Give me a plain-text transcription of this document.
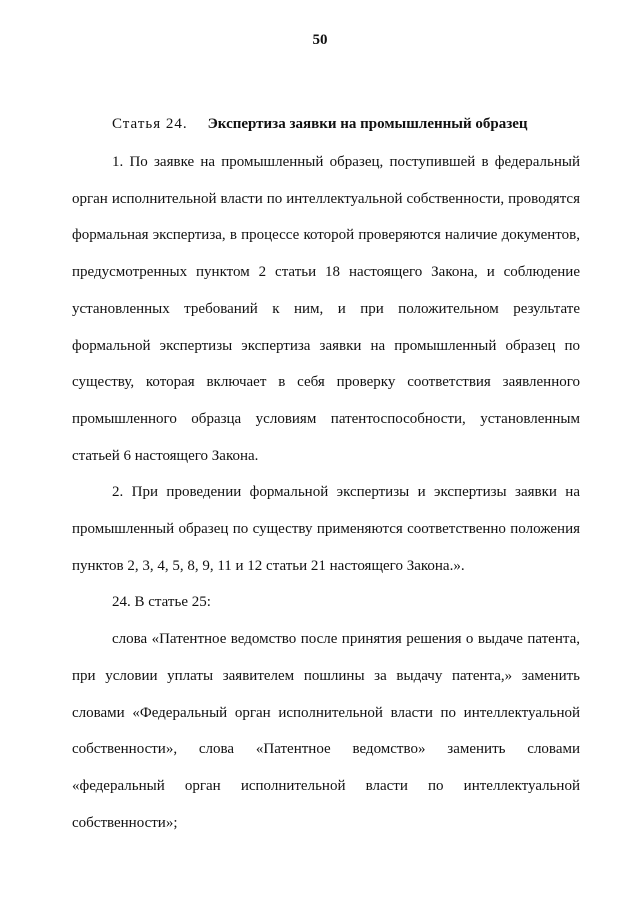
50
Статья 24. Экспертиза заявки на промышленный образец

1. По заявке на промышленный образец, поступившей в федеральный орган исполнительной власти по интеллектуальной собственности, проводятся формальная экспертиза, в процессе которой проверяются наличие документов, предусмотренных пунктом 2 статьи 18 настоящего Закона, и соблюдение установленных требований к ним, и при положительном результате формальной экспертизы экспертиза заявки на промышленный образец по существу, которая включает в себя проверку соответствия заявленного промышленного образца условиям патентоспособности, установленным статьей 6 настоящего Закона.

2. При проведении формальной экспертизы и экспертизы заявки на промышленный образец по существу применяются соответственно положения пунктов 2, 3, 4, 5, 8, 9, 11 и 12 статьи 21 настоящего Закона.».

24. В статье 25:

слова «Патентное ведомство после принятия решения о выдаче патента, при условии уплаты заявителем пошлины за выдачу патента,» заменить словами «Федеральный орган исполнительной власти по интеллектуальной собственности», слова «Патентное ведомство» заменить словами «федеральный орган исполнительной власти по интеллектуальной собственности»;
